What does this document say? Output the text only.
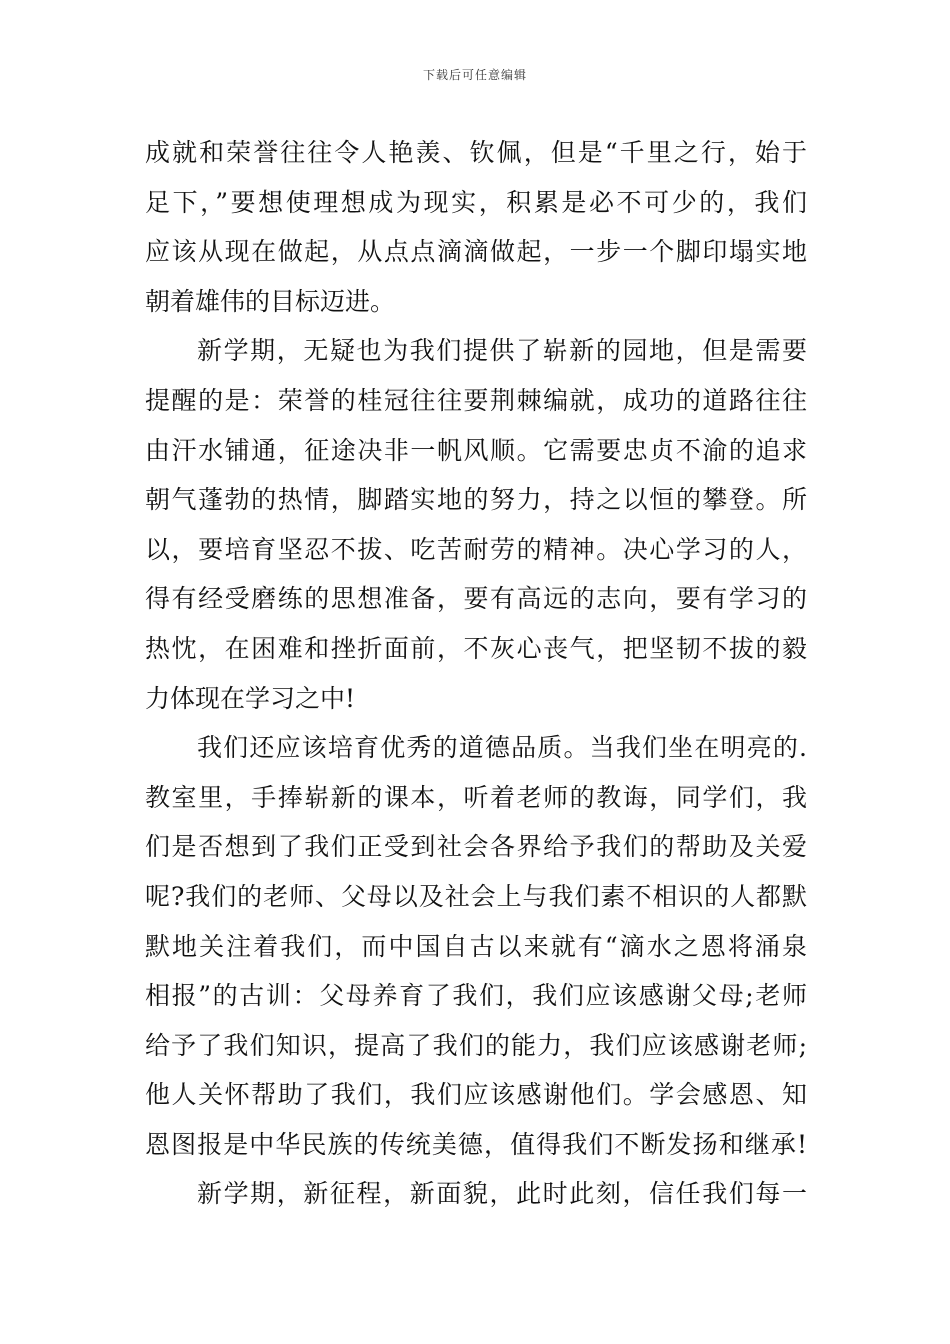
下载后可任意编辑
成就和荣誉往往令人艳羡、钦佩，但是“千里之行，始于
足下，”要想使理想成为现实，积累是必不可少的，我们
应该从现在做起，从点点滴滴做起，一步一个脚印塌实地
朝着雄伟的目标迈进。
新学期，无疑也为我们提供了崭新的园地，但是需要
提醒的是：荣誉的桂冠往往要荆棘编就，成功的道路往往
由汗水铺通，征途决非一帆风顺。它需要忠贞不渝的追求
朝气蓬勃的热情，脚踏实地的努力，持之以恒的攀登。所
以，要培育坚忍不拔、吃苦耐劳的精神。决心学习的人，
得有经受磨练的思想准备，要有高远的志向，要有学习的
热忱，在困难和挫折面前，不灰心丧气，把坚韧不拔的毅
力体现在学习之中!
我们还应该培育优秀的道德品质。当我们坐在明亮的.
教室里，手捧崭新的课本，听着老师的教诲，同学们，我
们是否想到了我们正受到社会各界给予我们的帮助及关爱
呢?我们的老师、父母以及社会上与我们素不相识的人都默
默地关注着我们，而中国自古以来就有“滴水之恩将涌泉
相报”的古训：父母养育了我们，我们应该感谢父母;老师
给予了我们知识，提高了我们的能力，我们应该感谢老师;
他人关怀帮助了我们，我们应该感谢他们。学会感恩、知
恩图报是中华民族的传统美德，值得我们不断发扬和继承!
新学期，新征程，新面貌，此时此刻，信任我们每一
